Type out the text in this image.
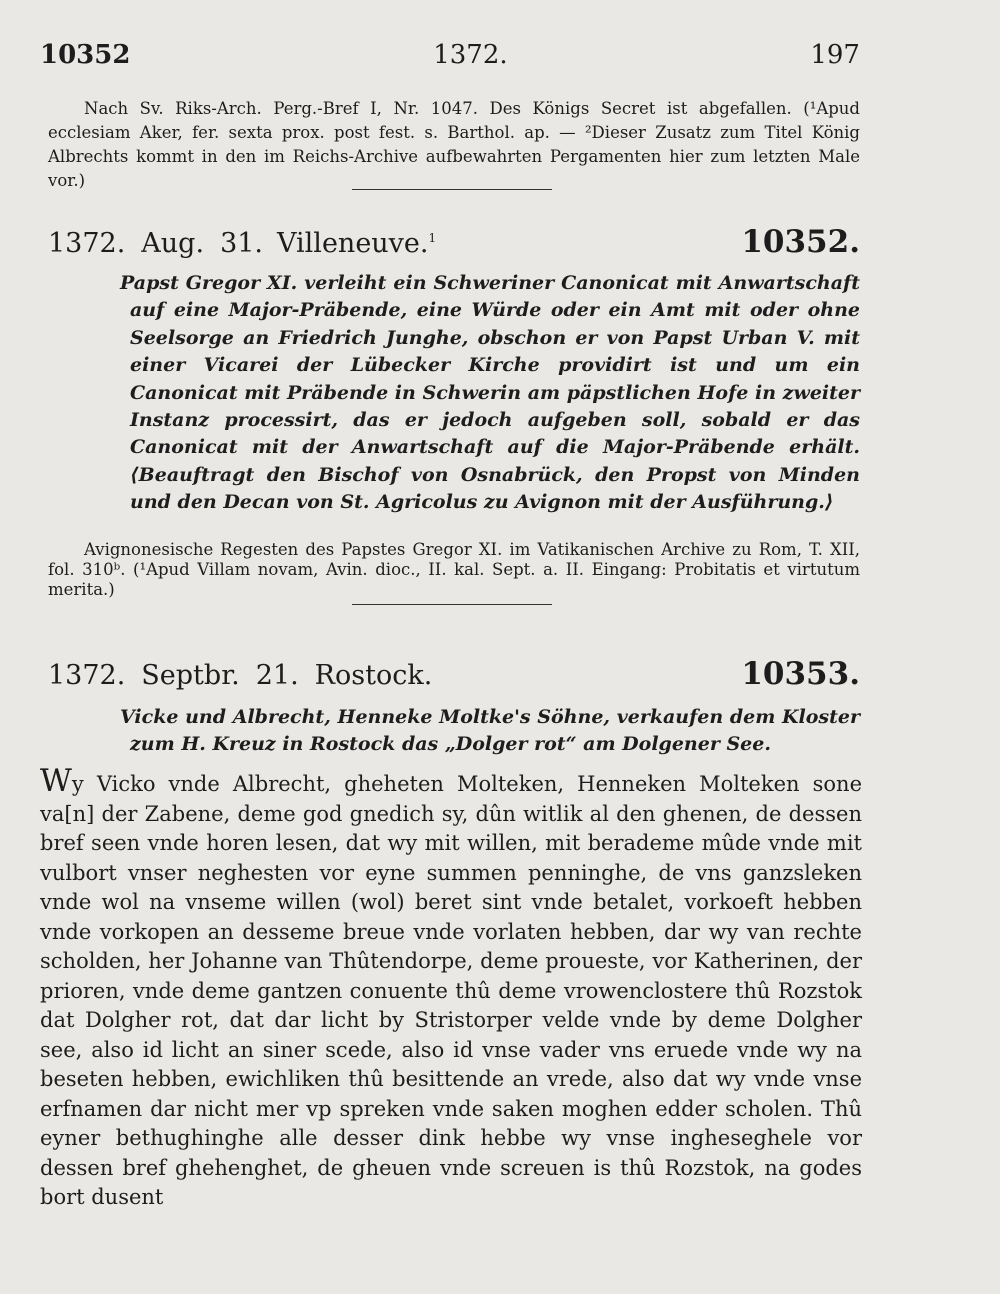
10352	1372.	197

Nach Sv. Riks-Arch. Perg.-Bref I, Nr. 1047. Des Königs Secret ist abgefallen. (¹Apud ecclesiam Aker, fer. sexta prox. post fest. s. Barthol. ap. — ²Dieser Zusatz zum Titel König Albrechts kommt in den im Reichs-Archive aufbewahrten Pergamenten hier zum letzten Male vor.)

1372. Aug. 31. Villeneuve.$^1$	10352.

Papst Gregor XI. verleiht ein Schweriner Canonicat mit Anwartschaft auf eine Major-Präbende, eine Würde oder ein Amt mit oder ohne Seelsorge an Friedrich Junghe, obschon er von Papst Urban V. mit einer Vicarei der Lübecker Kirche providirt ist und um ein Canonicat mit Präbende in Schwerin am päpstlichen Hofe in zweiter Instanz processirt, das er jedoch aufgeben soll, sobald er das Canonicat mit der Anwartschaft auf die Major-Präbende erhält. ⟨Beauftragt den Bischof von Osnabrück, den Propst von Minden und den Decan von St. Agricolus zu Avignon mit der Ausführung.⟩

Avignonesische Regesten des Papstes Gregor XI. im Vatikanischen Archive zu Rom, T. XII, fol. 310ᵇ. (¹Apud Villam novam, Avin. dioc., II. kal. Sept. a. II. Eingang: Probitatis et virtutum merita.)

1372. Septbr. 21. Rostock.	10353.

Vicke und Albrecht, Henneke Moltke's Söhne, verkaufen dem Kloster zum H. Kreuz in Rostock das „Dolger rot“ am Dolgener See.

Wy Vicko vnde Albrecht, gheheten Molteken, Henneken Molteken sone va[n] der Zabene, deme god gnedich sy, dûn witlik al den ghenen, de dessen bref seen vnde horen lesen, dat wy mit willen, mit berademe mûde vnde mit vulbort vnser neghesten vor eyne summen penninghe, de vns ganzsleken vnde wol na vnseme willen (wol) beret sint vnde betalet, vorkoeft hebben vnde vorkopen an desseme breue vnde vorlaten hebben, dar wy van rechte scholden, her Johanne van Thûtendorpe, deme proueste, vor Katherinen, der prioren, vnde deme gantzen conuente thû deme vrowenclostere thû Rozstok dat Dolgher rot, dat dar licht by Stristorper velde vnde by deme Dolgher see, also id licht an siner scede, also id vnse vader vns eruede vnde wy na beseten hebben, ewichliken thû besittende an vrede, also dat wy vnde vnse erfnamen dar nicht mer vp spreken vnde saken moghen edder scholen. Thû eyner bethughinghe alle desser dink hebbe wy vnse ingheseghele vor dessen bref ghehenghet, de gheuen vnde screuen is thû Rozstok, na godes bort dusent
